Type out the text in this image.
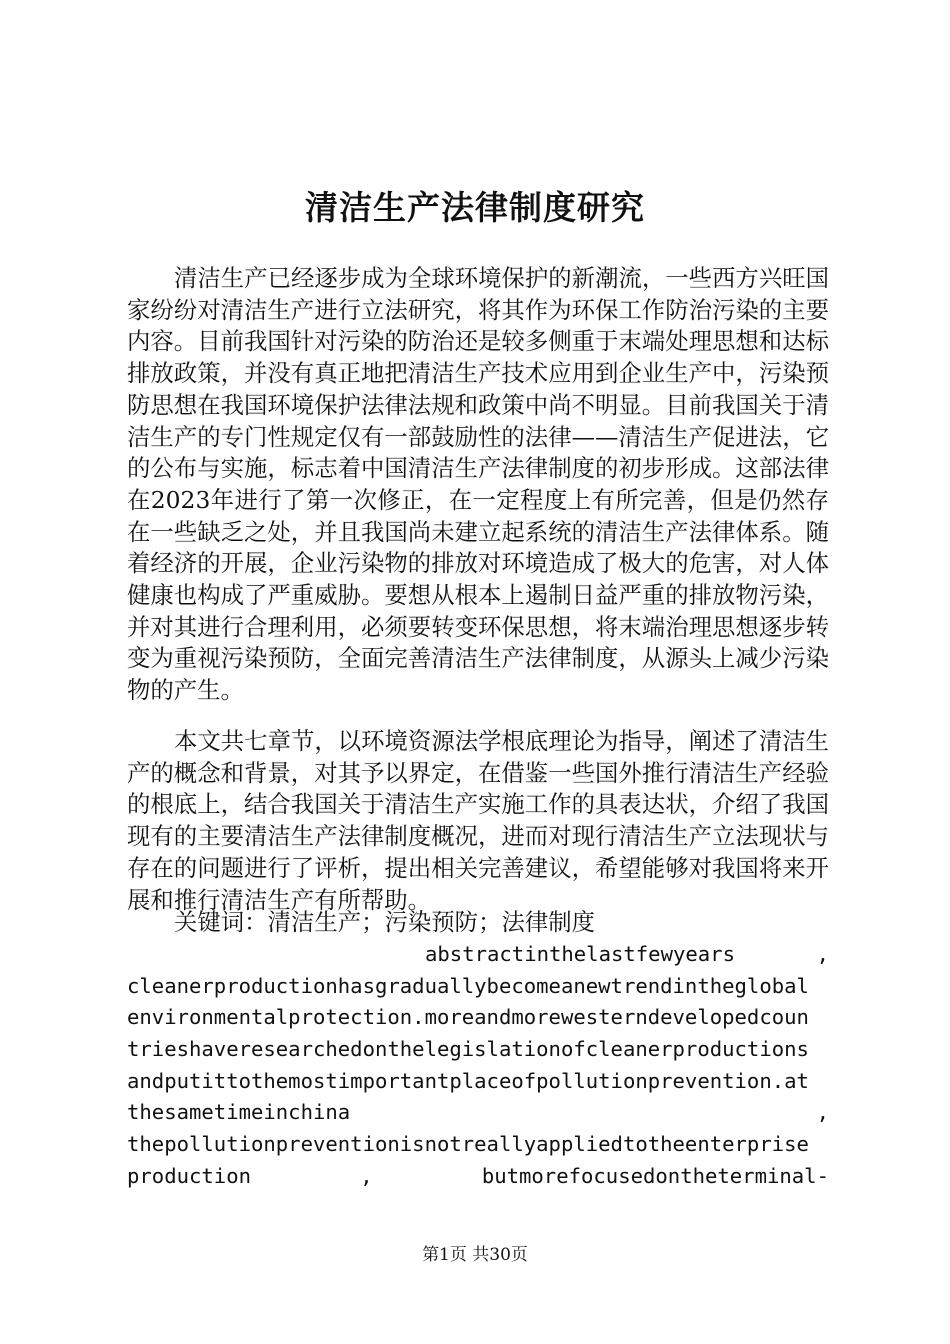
清洁生产法律制度研究

清洁生产已经逐步成为全球环境保护的新潮流，一些西方兴旺国家纷纷对清洁生产进行立法研究，将其作为环保工作防治污染的主要内容。目前我国针对污染的防治还是较多侧重于末端处理思想和达标排放政策，并没有真正地把清洁生产技术应用到企业生产中，污染预防思想在我国环境保护法律法规和政策中尚不明显。目前我国关于清洁生产的专门性规定仅有一部鼓励性的法律——清洁生产促进法，它的公布与实施，标志着中国清洁生产法律制度的初步形成。这部法律在2023年进行了第一次修正，在一定程度上有所完善，但是仍然存在一些缺乏之处，并且我国尚未建立起系统的清洁生产法律体系。随着经济的开展，企业污染物的排放对环境造成了极大的危害，对人体健康也构成了严重威胁。要想从根本上遏制日益严重的排放物污染，并对其进行合理利用，必须要转变环保思想，将末端治理思想逐步转变为重视污染预防，全面完善清洁生产法律制度，从源头上减少污染物的产生。

本文共七章节，以环境资源法学根底理论为指导，阐述了清洁生产的概念和背景，对其予以界定，在借鉴一些国外推行清洁生产经验的根底上，结合我国关于清洁生产实施工作的具表达状，介绍了我国现有的主要清洁生产法律制度概况，进而对现行清洁生产立法现状与存在的问题进行了评析，提出相关完善建议，希望能够对我国将来开展和推行清洁生产有所帮助。

关键词：清洁生产；污染预防；法律制度

abstractinthelastfewyears	,
cleanerproductionhasgraduallybecomeanewtrendintheglobal
environmentalprotection.moreandmorewesterndevelopedcoun
trieshaveresearchedonthelegislationofcleanerproductions
andputittothemostimportantplaceofpollutionprevention.at
thesametimeinchina	,
thepollutionpreventionisnotreallyappliedtotheenterprise
production	,	butmorefocusedontheterminal-

第1页 共30页
